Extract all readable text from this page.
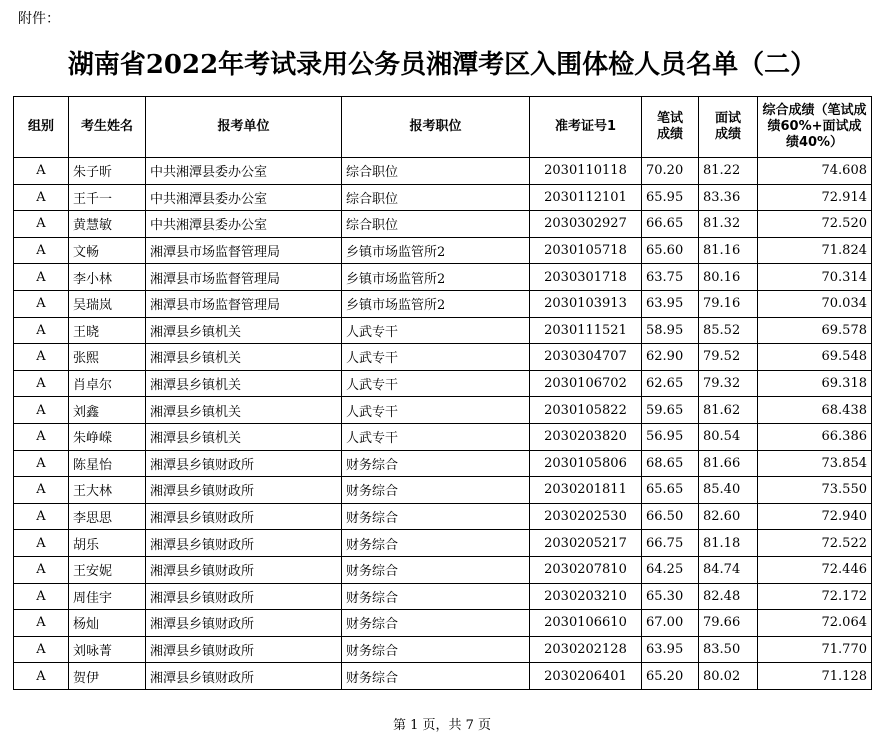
附件：
湖南省2022年考试录用公务员湘潭考区入围体检人员名单（二）
组别	考生姓名	报考单位	报考职位	准考证号1	笔试成绩	面试成绩	综合成绩（笔试成绩60%+面试成绩40%）
A	朱子昕	中共湘潭县委办公室	综合职位	2030110118	70.20	81.22	74.608
A	王千一	中共湘潭县委办公室	综合职位	2030112101	65.95	83.36	72.914
A	黄慧敏	中共湘潭县委办公室	综合职位	2030302927	66.65	81.32	72.520
A	文畅	湘潭县市场监督管理局	乡镇市场监管所2	2030105718	65.60	81.16	71.824
A	李小林	湘潭县市场监督管理局	乡镇市场监管所2	2030301718	63.75	80.16	70.314
A	吴瑞岚	湘潭县市场监督管理局	乡镇市场监管所2	2030103913	63.95	79.16	70.034
A	王晓	湘潭县乡镇机关	人武专干	2030111521	58.95	85.52	69.578
A	张熙	湘潭县乡镇机关	人武专干	2030304707	62.90	79.52	69.548
A	肖卓尔	湘潭县乡镇机关	人武专干	2030106702	62.65	79.32	69.318
A	刘鑫	湘潭县乡镇机关	人武专干	2030105822	59.65	81.62	68.438
A	朱峥嵘	湘潭县乡镇机关	人武专干	2030203820	56.95	80.54	66.386
A	陈星怡	湘潭县乡镇财政所	财务综合	2030105806	68.65	81.66	73.854
A	王大林	湘潭县乡镇财政所	财务综合	2030201811	65.65	85.40	73.550
A	李思思	湘潭县乡镇财政所	财务综合	2030202530	66.50	82.60	72.940
A	胡乐	湘潭县乡镇财政所	财务综合	2030205217	66.75	81.18	72.522
A	王安妮	湘潭县乡镇财政所	财务综合	2030207810	64.25	84.74	72.446
A	周佳宇	湘潭县乡镇财政所	财务综合	2030203210	65.30	82.48	72.172
A	杨灿	湘潭县乡镇财政所	财务综合	2030106610	67.00	79.66	72.064
A	刘咏菁	湘潭县乡镇财政所	财务综合	2030202128	63.95	83.50	71.770
A	贺伊	湘潭县乡镇财政所	财务综合	2030206401	65.20	80.02	71.128
第 1 页，共 7 页
